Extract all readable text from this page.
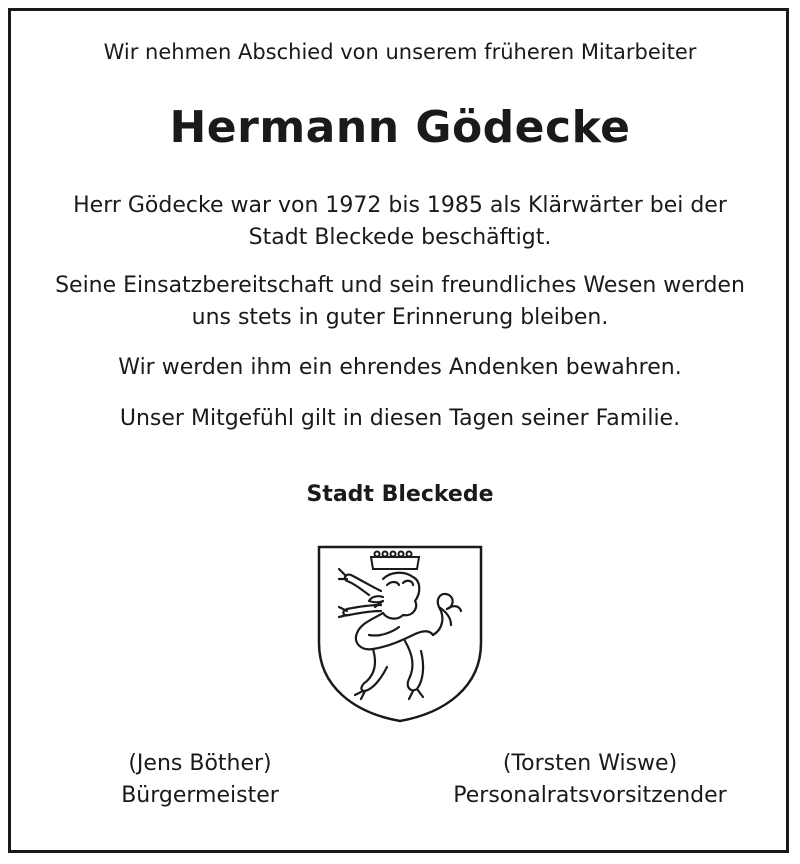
Wir nehmen Abschied von unserem früheren Mitarbeiter
Hermann Gödecke
Herr Gödecke war von 1972 bis 1985 als Klärwärter bei der
Stadt Bleckede beschäftigt.
Seine Einsatzbereitschaft und sein freundliches Wesen werden
uns stets in guter Erinnerung bleiben.
Wir werden ihm ein ehrendes Andenken bewahren.
Unser Mitgefühl gilt in diesen Tagen seiner Familie.
Stadt Bleckede
(Jens Böther)
Bürgermeister
(Torsten Wiswe)
Personalratsvorsitzender
